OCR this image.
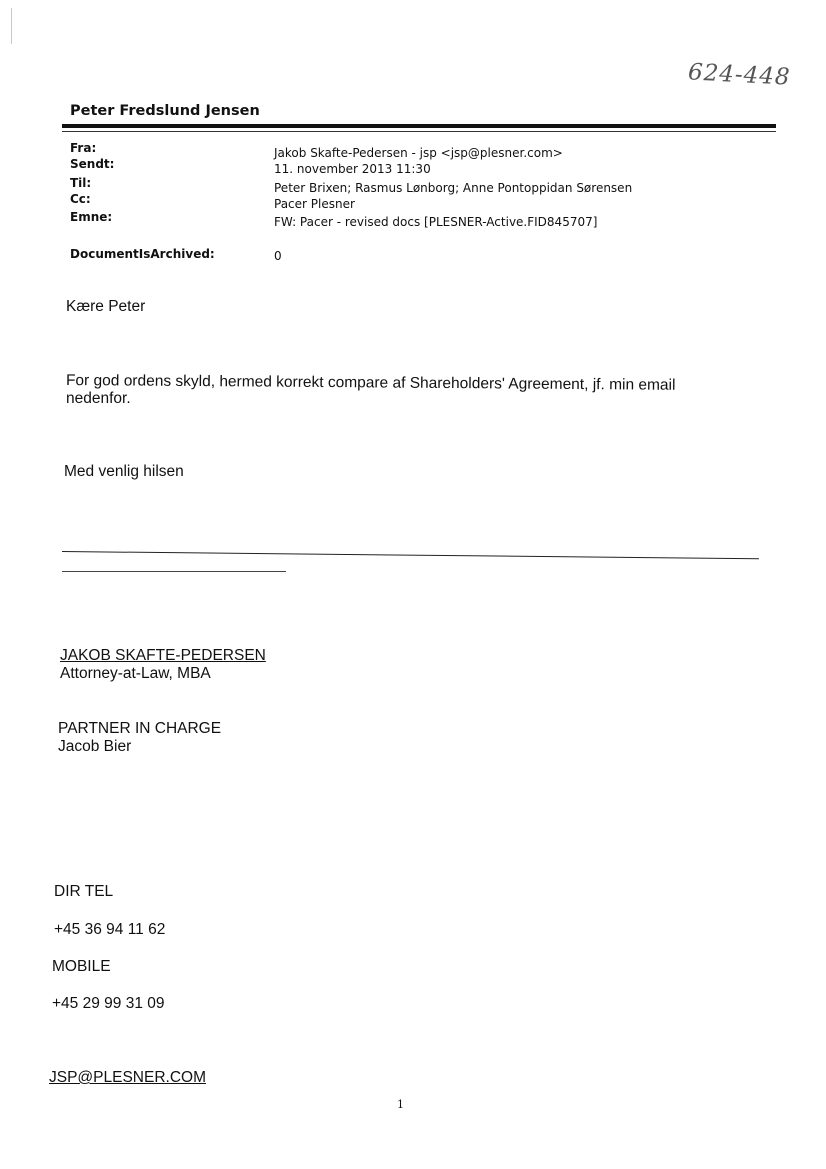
624-448
Peter Fredslund Jensen
Fra:	Jakob Skafte-Pedersen - jsp <jsp@plesner.com>
Sendt:	11. november 2013 11:30
Til:	Peter Brixen; Rasmus Lønborg; Anne Pontoppidan Sørensen
Cc:	Pacer Plesner
Emne:	FW: Pacer - revised docs [PLESNER-Active.FID845707]
DocumentIsArchived:	0
Kære Peter
For god ordens skyld, hermed korrekt compare af Shareholders' Agreement, jf. min email
nedenfor.
Med venlig hilsen
JAKOB SKAFTE-PEDERSEN
Attorney-at-Law, MBA
PARTNER IN CHARGE
Jacob Bier
DIR TEL
+45 36 94 11 62
MOBILE
+45 29 99 31 09
JSP@PLESNER.COM
1
